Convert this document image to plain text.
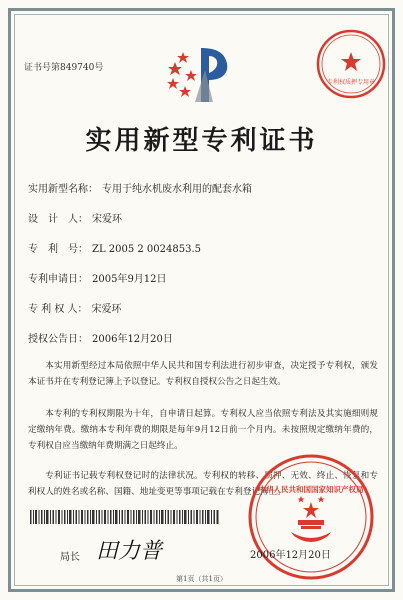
证书号第849740号
专利权质押专用章
实用新型专利证书
实用新型名称： 专用于纯水机废水利用的配套水箱
设　计　人： 宋爱环
专　利　号： ZL 2005 2 0024853.5
专利申请日： 2005年9月12日
专 利 权 人： 宋爱环
授权公告日： 2006年12月20日
本实用新型经过本局依照中华人民共和国专利法进行初步审查，决定授予专利权，颁发本证书并在专利登记簿上予以登记。专利权自授权公告之日起生效。
本专利的专利权期限为十年，自申请日起算。专利权人应当依照专利法及其实施细则规定缴纳年费。缴纳本专利年费的期限是每年9月12日前一个月内。未按照规定缴纳年费的，专利权自应当缴纳年费期满之日起终止。
专利证书记载专利权登记时的法律状况。专利权的转移、质押、无效、终止、恢复和专利权人的姓名或名称、国籍、地址变更等事项记载在专利登记簿上。
局长 田力普
中华人民共和国国家知识产权局
2006年12月20日
第1页（共1页）
